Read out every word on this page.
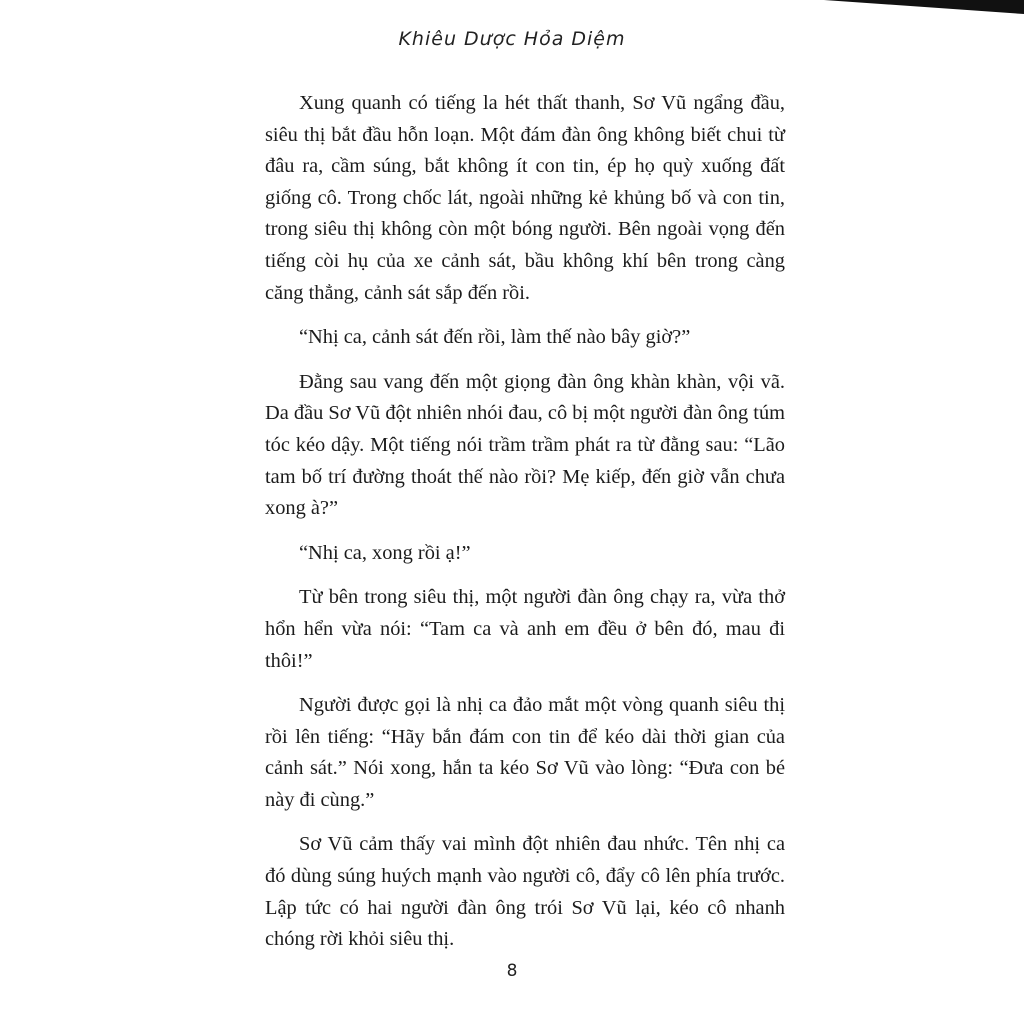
Khiêu Dược Hỏa Diệm

Xung quanh có tiếng la hét thất thanh, Sơ Vũ ngẩng đầu, siêu thị bắt đầu hỗn loạn. Một đám đàn ông không biết chui từ đâu ra, cầm súng, bắt không ít con tin, ép họ quỳ xuống đất giống cô. Trong chốc lát, ngoài những kẻ khủng bố và con tin, trong siêu thị không còn một bóng người. Bên ngoài vọng đến tiếng còi hụ của xe cảnh sát, bầu không khí bên trong càng căng thẳng, cảnh sát sắp đến rồi.

“Nhị ca, cảnh sát đến rồi, làm thế nào bây giờ?”

Đằng sau vang đến một giọng đàn ông khàn khàn, vội vã. Da đầu Sơ Vũ đột nhiên nhói đau, cô bị một người đàn ông túm tóc kéo dậy. Một tiếng nói trầm trầm phát ra từ đằng sau: “Lão tam bố trí đường thoát thế nào rồi? Mẹ kiếp, đến giờ vẫn chưa xong à?”

“Nhị ca, xong rồi ạ!”

Từ bên trong siêu thị, một người đàn ông chạy ra, vừa thở hổn hển vừa nói: “Tam ca và anh em đều ở bên đó, mau đi thôi!”

Người được gọi là nhị ca đảo mắt một vòng quanh siêu thị rồi lên tiếng: “Hãy bắn đám con tin để kéo dài thời gian của cảnh sát.” Nói xong, hắn ta kéo Sơ Vũ vào lòng: “Đưa con bé này đi cùng.”

Sơ Vũ cảm thấy vai mình đột nhiên đau nhức. Tên nhị ca đó dùng súng huých mạnh vào người cô, đẩy cô lên phía trước. Lập tức có hai người đàn ông trói Sơ Vũ lại, kéo cô nhanh chóng rời khỏi siêu thị.

8
